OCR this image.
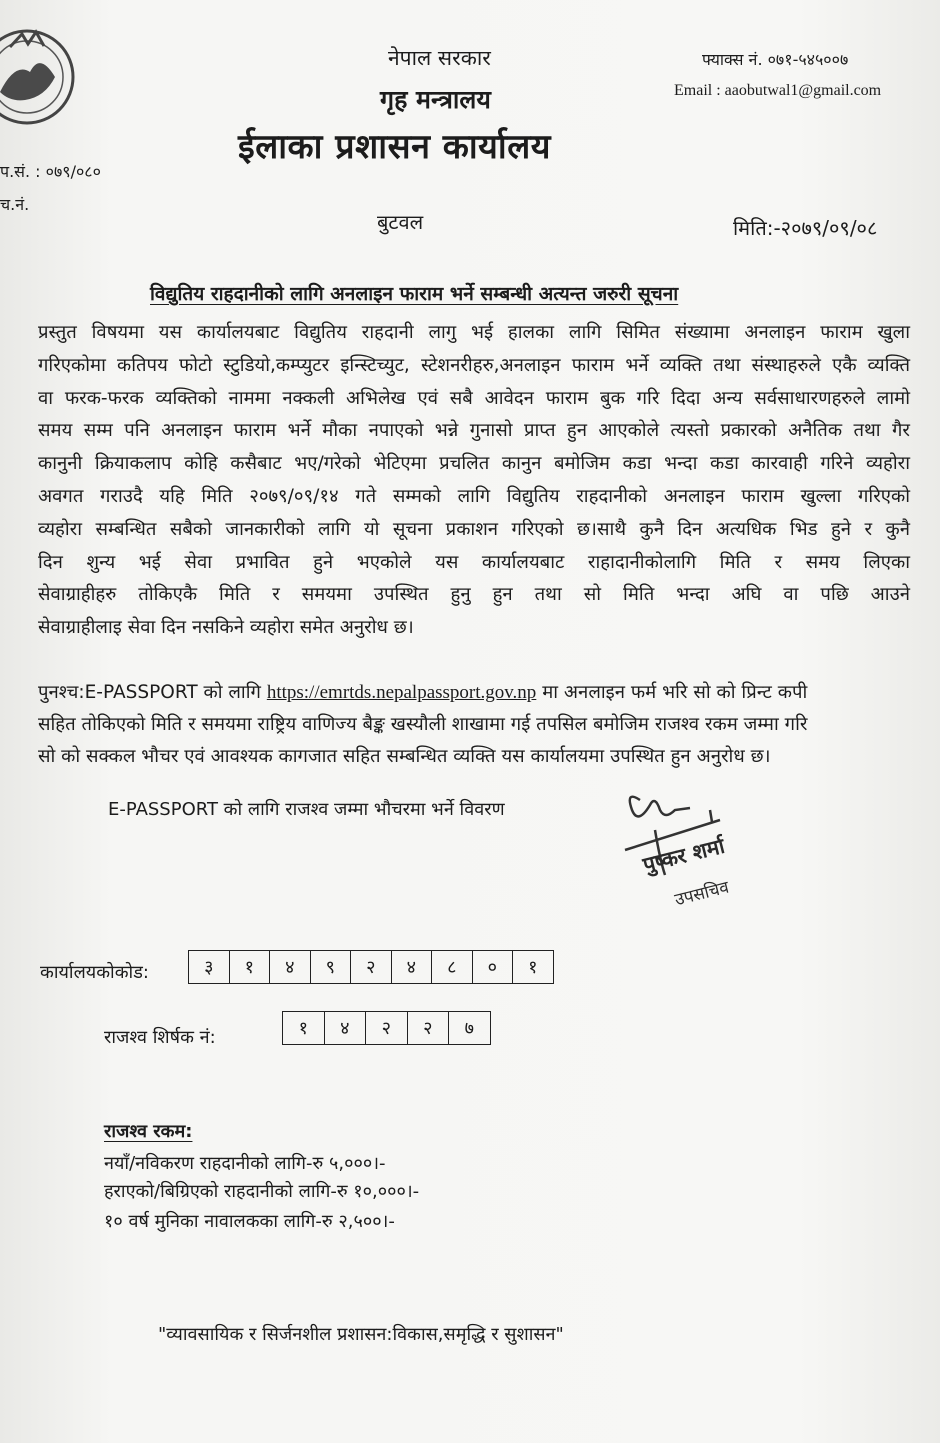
नेपाल सरकार
गृह मन्त्रालय
ईलाका प्रशासन कार्यालय
फ्याक्स नं. ०७१-५४५००७
Email : aaobutwal1@gmail.com
प.सं. : ०७९/०८०
च.नं.
बुटवल	मिति:-२०७९/०९/०८
विद्युतिय राहदानीको लागि अनलाइन फाराम भर्ने सम्बन्धी अत्यन्त जरुरी सूचना
प्रस्तुत विषयमा यस कार्यालयबाट विद्युतिय राहदानी लागु भई हालका लागि सिमित संख्यामा अनलाइन फाराम खुला
गरिएकोमा कतिपय फोटो स्टुडियो,कम्प्युटर इन्स्टिच्युट, स्टेशनरीहरु,अनलाइन फाराम भर्ने व्यक्ति तथा संस्थाहरुले एकै व्यक्ति
वा फरक-फरक व्यक्तिको नाममा नक्कली अभिलेख एवं सबै आवेदन फाराम बुक गरि दिदा अन्य सर्वसाधारणहरुले लामो
समय सम्म पनि अनलाइन फाराम भर्ने मौका नपाएको भन्ने गुनासो प्राप्त हुन आएकोले त्यस्तो प्रकारको अनैतिक तथा गैर
कानुनी क्रियाकलाप कोहि कसैबाट भए/गरेको भेटिएमा प्रचलित कानुन बमोजिम कडा भन्दा कडा कारवाही गरिने व्यहोरा
अवगत गराउदै यहि मिति २०७९/०९/१४ गते सम्मको लागि विद्युतिय राहदानीको अनलाइन फाराम खुल्ला गरिएको
व्यहोरा सम्बन्धित सबैको जानकारीको लागि यो सूचना प्रकाशन गरिएको छ।साथै कुनै दिन अत्यधिक भिड हुने र कुनै
दिन शुन्य भई सेवा प्रभावित हुने भएकोले यस कार्यालयबाट राहादानीकोलागि मिति र समय लिएका
सेवाग्राहीहरु तोकिएकै मिति र समयमा उपस्थित हुनु हुन तथा सो मिति भन्दा अघि वा पछि आउने
सेवाग्राहीलाइ सेवा दिन नसकिने व्यहोरा समेत अनुरोध छ।
पुनश्च:E-PASSPORT को लागि https://emrtds.nepalpassport.gov.np मा अनलाइन फर्म भरि सो को प्रिन्ट कपी
सहित तोकिएको मिति र समयमा राष्ट्रिय वाणिज्य बैङ्क खस्यौली शाखामा गई तपसिल बमोजिम राजश्व रकम जम्मा गरि
सो को सक्कल भौचर एवं आवश्यक कागजात सहित सम्बन्धित व्यक्ति यस कार्यालयमा उपस्थित हुन अनुरोध छ।
E-PASSPORT को लागि राजश्व जम्मा भौचरमा भर्ने विवरण
पुष्कर शर्मा
उपसचिव
कार्यालयकोकोड:	३	१	४	९	२	४	८	०	१
राजश्व शिर्षक नं:	१	४	२	२	७
राजश्व रकम:
नयाँ/नविकरण राहदानीको लागि-रु ५,०००।-
हराएको/बिग्रिएको राहदानीको लागि-रु १०,०००।-
१० वर्ष मुनिका नावालकका लागि-रु २,५००।-
"व्यावसायिक र सिर्जनशील प्रशासन:विकास,समृद्धि र सुशासन"
